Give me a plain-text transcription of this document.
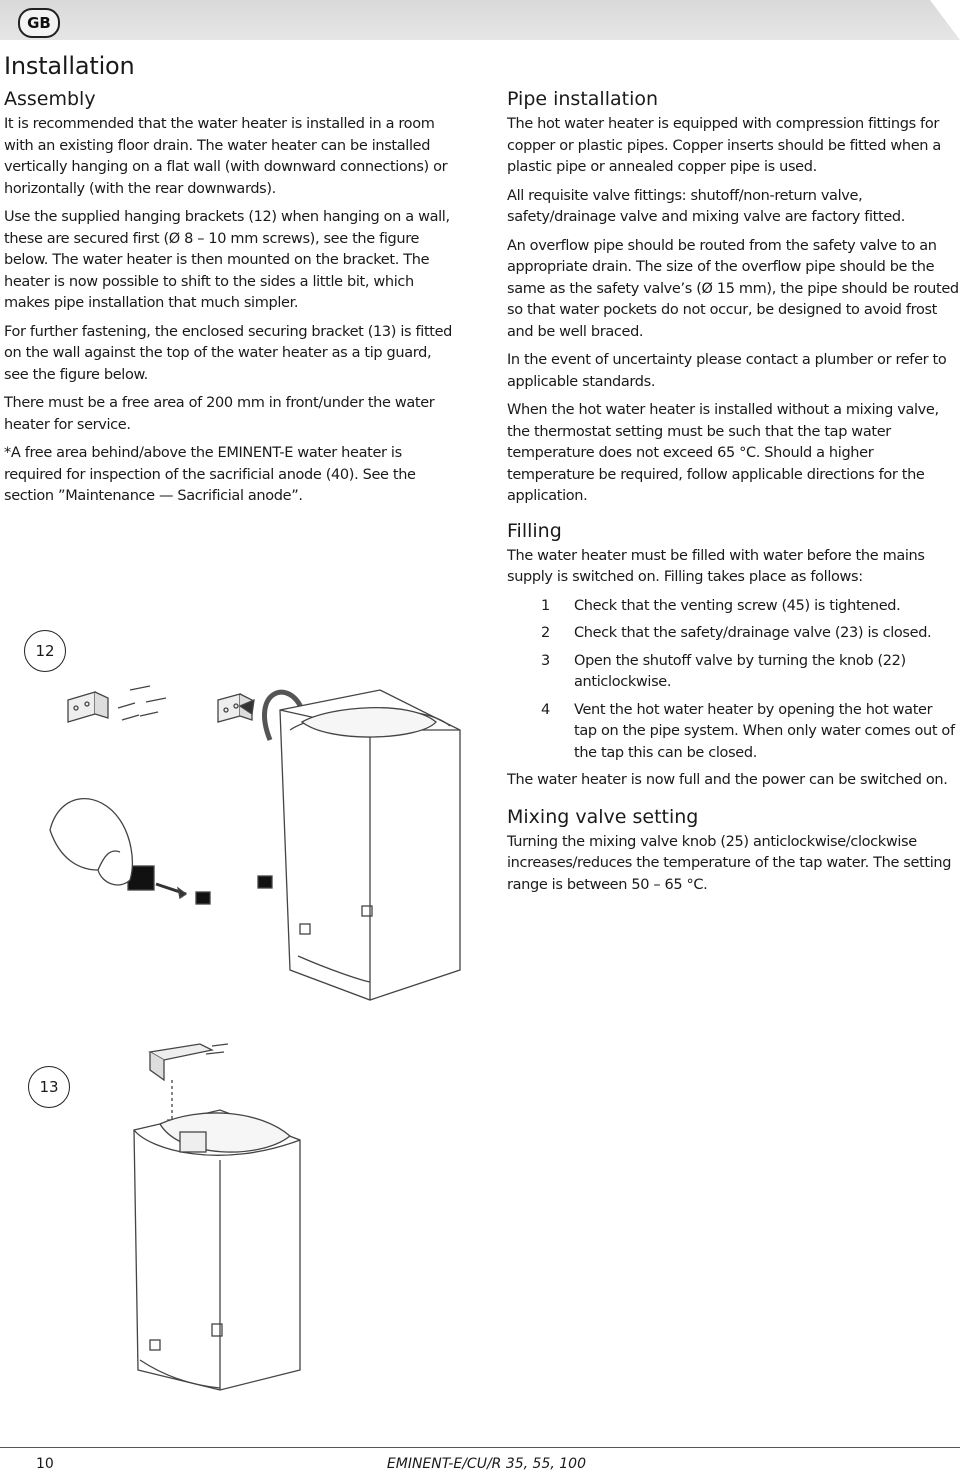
GB
Installation
Assembly

It is recommended that the water heater is installed in a room with an existing floor drain. The water heater can be installed vertically hanging on a flat wall (with downward connections) or horizontally (with the rear downwards).

Use the supplied hanging brackets (12) when hanging on a wall, these are secured first (Ø 8 – 10 mm screws), see the figure below. The water heater is then mounted on the bracket. The heater is now possible to shift to the sides a little bit, which makes pipe installation that much simpler.

For further fastening, the enclosed securing bracket (13) is fitted on the wall against the top of the water heater as a tip guard, see the figure below.

There must be a free area of 200 mm in front/under the water heater for service.

*A free area behind/above the EMINENT-E water heater is required for inspection of the sacrificial anode (40). See the section ”Maintenance — Sacrificial anode”.

Pipe installation

The hot water heater is equipped with compression fittings for copper or plastic pipes. Copper inserts should be fitted when a plastic pipe or annealed copper pipe is used.

All requisite valve fittings: shutoff/non-return valve, safety/drainage valve and mixing valve are factory fitted.

An overflow pipe should be routed from the safety valve to an appropriate drain. The size of the overflow pipe should be the same as the safety valve’s (Ø 15 mm), the pipe should be routed so that water pockets do not occur, be designed to avoid frost and be well braced.

In the event of uncertainty please contact a plumber or refer to applicable standards.

When the hot water heater is installed without a mixing valve, the thermostat setting must be such that the tap water temperature does not exceed 65 °C. Should a higher temperature be required, follow applicable directions for the application.

Filling

The water heater must be filled with water before the mains supply is switched on. Filling takes place as follows:

1	Check that the venting screw (45) is tightened.
2	Check that the safety/drainage valve (23) is closed.
3	Open the shutoff valve by turning the knob (22) anticlockwise.
4	Vent the hot water heater by opening the hot water tap on the pipe system. When only water comes out of the tap this can be closed.

The water heater is now full and the power can be switched on.

Mixing valve setting

Turning the mixing valve knob (25) anticlockwise/clockwise increases/reduces the temperature of the tap water. The setting range is between 50 – 65 °C.

12
13
10	EMINENT-E/CU/R 35, 55, 100
